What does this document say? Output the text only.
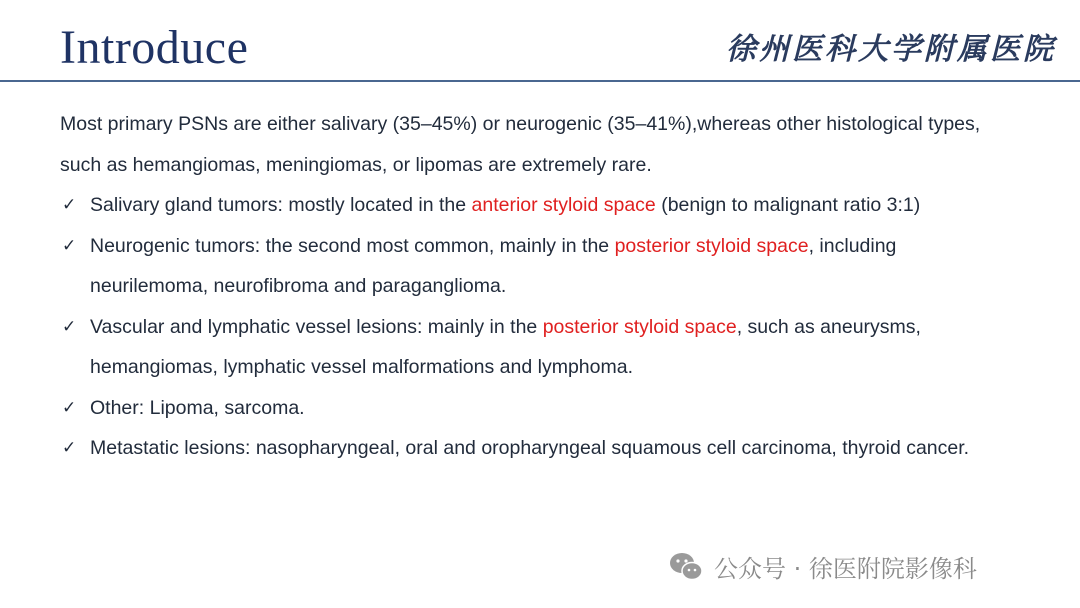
Introduce	徐州医科大学附属医院
Most primary PSNs are either salivary (35–45%) or neurogenic (35–41%),whereas other histological types,
such as hemangiomas, meningiomas, or lipomas are extremely rare.
✓ Salivary gland tumors: mostly located in the anterior styloid space (benign to malignant ratio 3:1)
✓ Neurogenic tumors: the second most common, mainly in the posterior styloid space, including
neurilemoma, neurofibroma and paraganglioma.
✓ Vascular and lymphatic vessel lesions: mainly in the posterior styloid space, such as aneurysms,
hemangiomas, lymphatic vessel malformations and lymphoma.
✓ Other: Lipoma, sarcoma.
✓ Metastatic lesions: nasopharyngeal, oral and oropharyngeal squamous cell carcinoma, thyroid cancer.
公众号 · 徐医附院影像科
